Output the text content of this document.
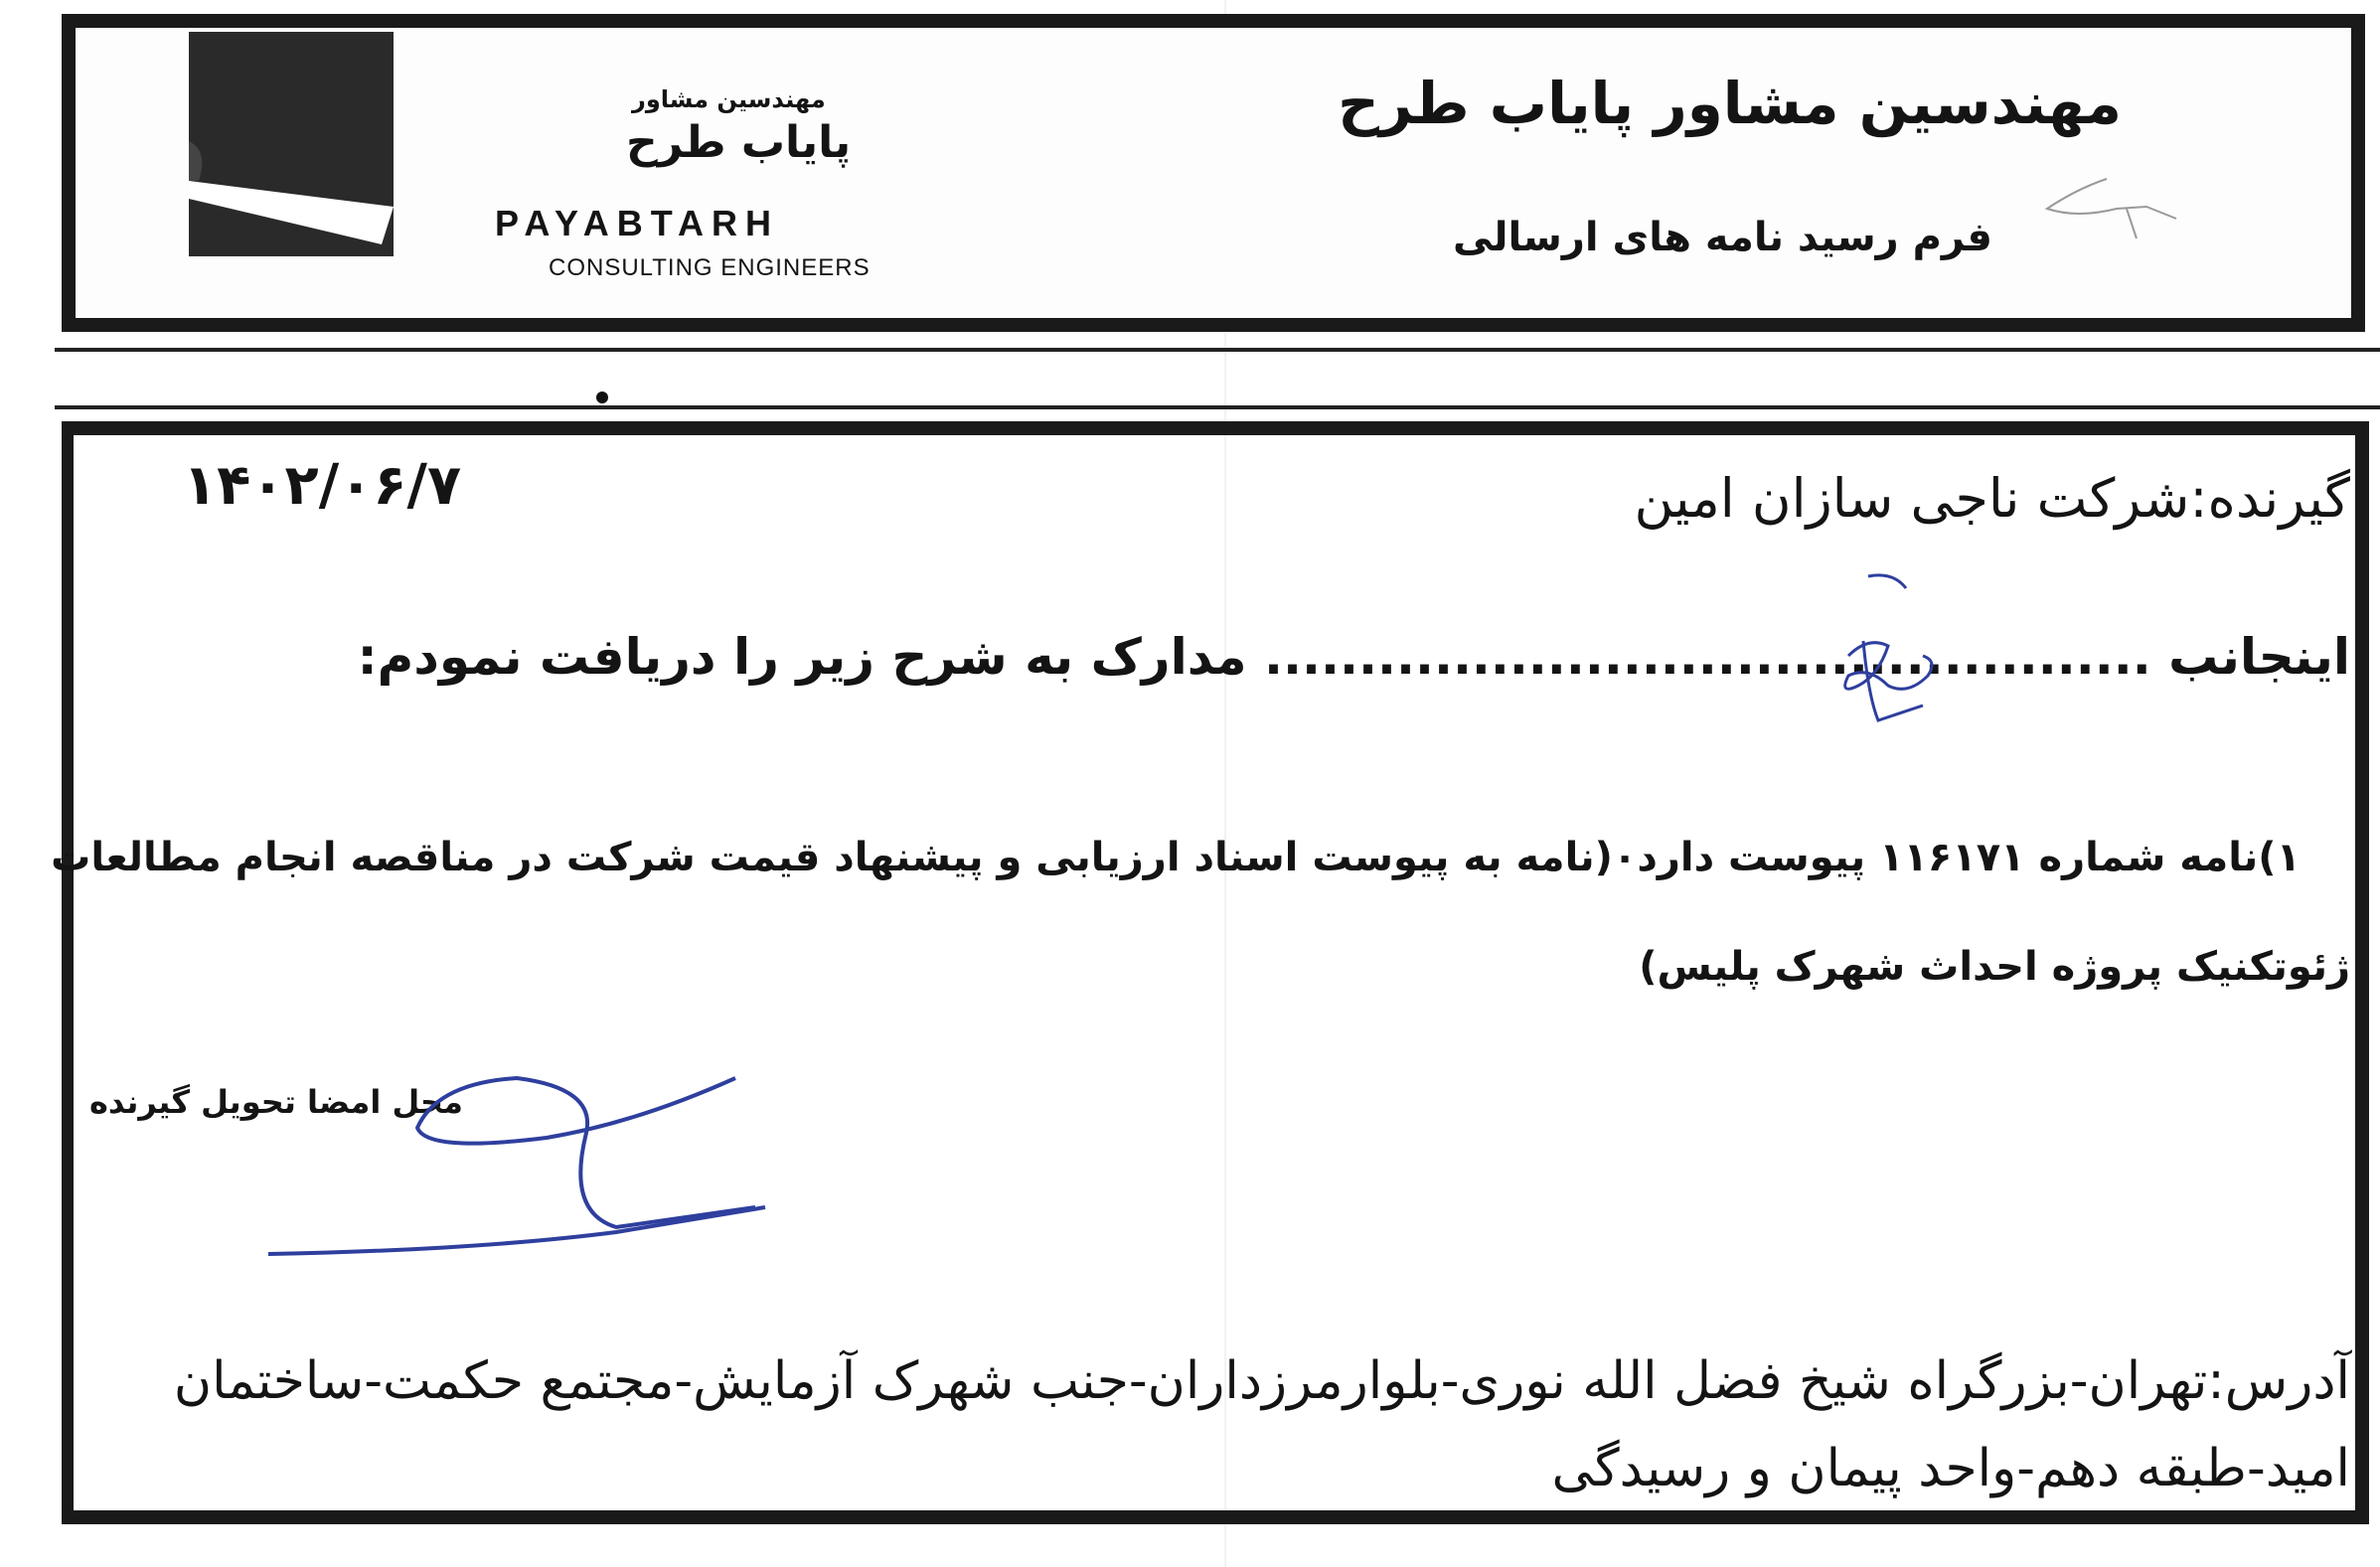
مهندسین مشاور
پایاب طرح
PAYABTARH
CONSULTING ENGINEERS
مهندسین مشاور پایاب طرح
فرم رسید نامه های ارسالی
۱۴۰۲/۰۶/۷	گیرنده:شرکت ناجی سازان امین
اینجانب ............................................... مدارک به شرح زیر را دریافت نمودم:
۱)نامه شماره ۱۱۶۱۷۱ پیوست دارد۰(نامه به پیوست اسناد ارزیابی و پیشنهاد قیمت شرکت در مناقصه انجام مطالعات
ژئوتکنیک پروژه احداث شهرک پلیس)
محل امضا تحویل گیرنده
آدرس:تهران-بزرگراه شیخ فضل الله نوری-بلوارمرزداران-جنب شهرک آزمایش-مجتمع حکمت-ساختمان
امید-طبقه دهم-واحد پیمان و رسیدگی
